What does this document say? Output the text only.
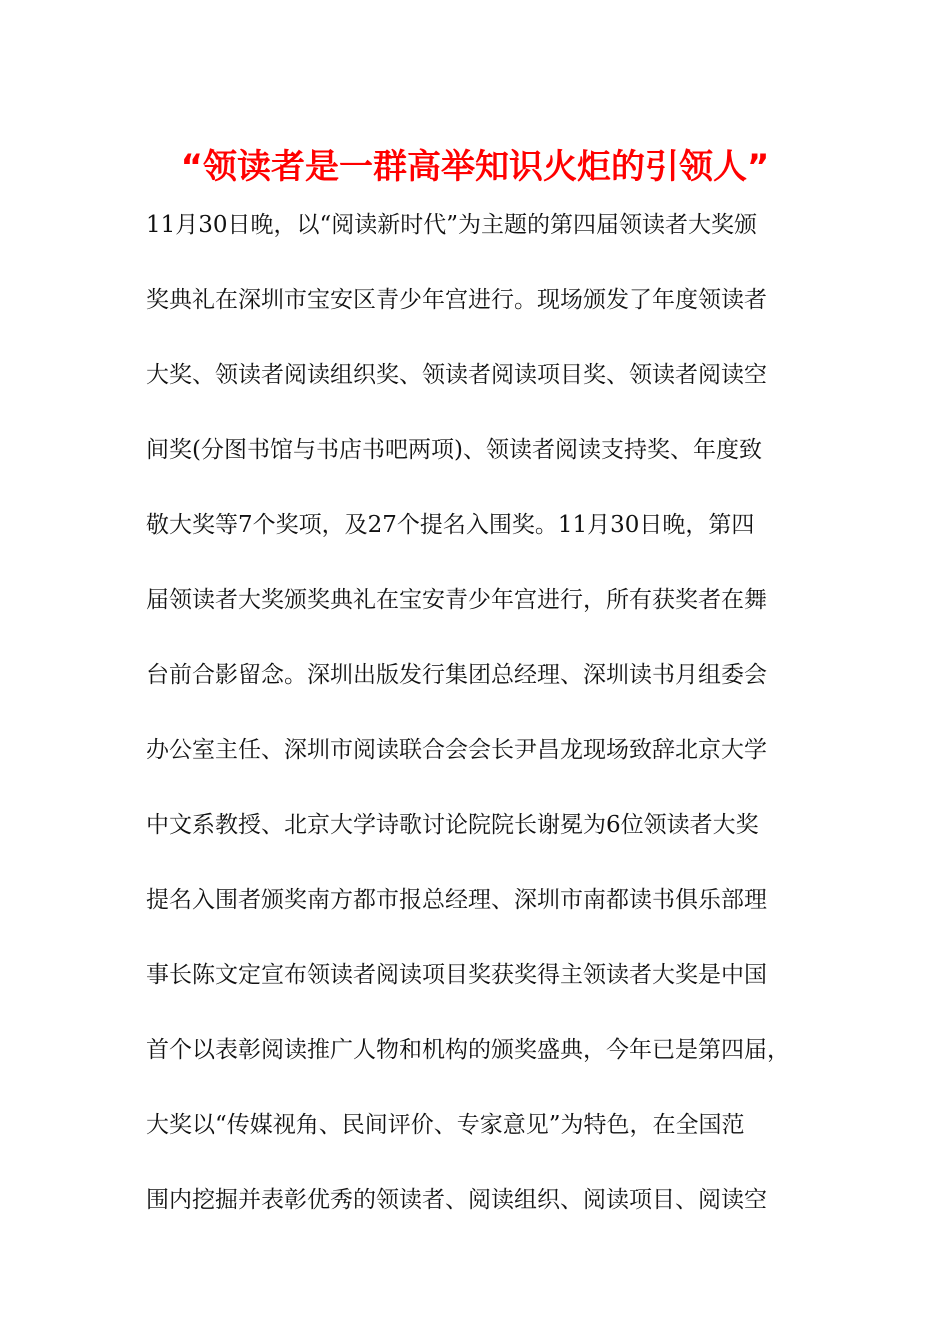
“领读者是一群高举知识火炬的引领人”
11月30日晚，以“阅读新时代”为主题的第四届领读者大奖颁
奖典礼在深圳市宝安区青少年宫进行。现场颁发了年度领读者
大奖、领读者阅读组织奖、领读者阅读项目奖、领读者阅读空
间奖(分图书馆与书店书吧两项)、领读者阅读支持奖、年度致
敬大奖等7个奖项，及27个提名入围奖。11月30日晚，第四
届领读者大奖颁奖典礼在宝安青少年宫进行，所有获奖者在舞
台前合影留念。深圳出版发行集团总经理、深圳读书月组委会
办公室主任、深圳市阅读联合会会长尹昌龙现场致辞北京大学
中文系教授、北京大学诗歌讨论院院长谢冕为6位领读者大奖
提名入围者颁奖南方都市报总经理、深圳市南都读书俱乐部理
事长陈文定宣布领读者阅读项目奖获奖得主领读者大奖是中国
首个以表彰阅读推广人物和机构的颁奖盛典，今年已是第四届，
大奖以“传媒视角、民间评价、专家意见”为特色，在全国范
围内挖掘并表彰优秀的领读者、阅读组织、阅读项目、阅读空
